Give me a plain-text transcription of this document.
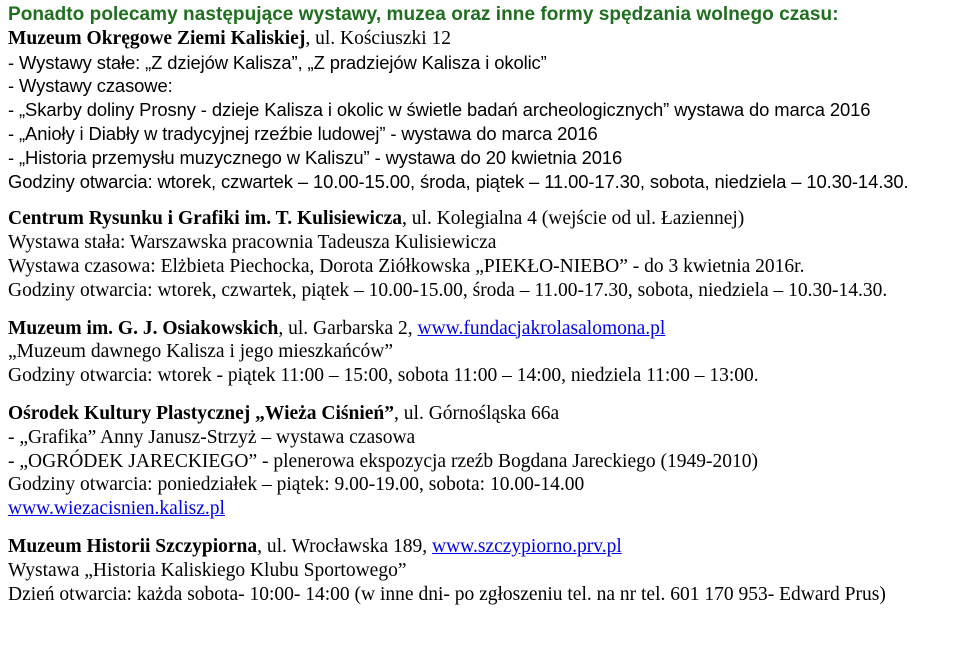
Ponadto polecamy następujące wystawy, muzea oraz inne formy spędzania wolnego czasu:
Muzeum Okręgowe Ziemi Kaliskiej, ul. Kościuszki 12
- Wystawy stałe: „Z dziejów Kalisza”, „Z pradziejów Kalisza i okolic”
- Wystawy czasowe:
- „Skarby doliny Prosny - dzieje Kalisza i okolic w świetle badań archeologicznych” wystawa do marca 2016
- „Anioły i Diabły w tradycyjnej rzeźbie ludowej” - wystawa do marca 2016
- „Historia przemysłu muzycznego w Kaliszu” - wystawa do 20 kwietnia 2016
Godziny otwarcia: wtorek, czwartek – 10.00-15.00, środa, piątek – 11.00-17.30, sobota, niedziela – 10.30-14.30.
Centrum Rysunku i Grafiki im. T. Kulisiewicza, ul. Kolegialna 4 (wejście od ul. Łaziennej)
Wystawa stała: Warszawska pracownia Tadeusza Kulisiewicza
Wystawa czasowa: Elżbieta Piechocka, Dorota Ziółkowska „PIEKŁO-NIEBO” - do 3 kwietnia 2016r.
Godziny otwarcia: wtorek, czwartek, piątek – 10.00-15.00, środa – 11.00-17.30, sobota, niedziela – 10.30-14.30.
Muzeum im. G. J. Osiakowskich, ul. Garbarska 2, www.fundacjakrolasalomona.pl
„Muzeum dawnego Kalisza i jego mieszkańców”
Godziny otwarcia: wtorek - piątek 11:00 – 15:00, sobota 11:00 – 14:00, niedziela 11:00 – 13:00.
Ośrodek Kultury Plastycznej „Wieża Ciśnień”, ul. Górnośląska 66a
- „Grafika” Anny Janusz-Strzyż – wystawa czasowa
- „OGRÓDEK JARECKIEGO” - plenerowa ekspozycja rzeźb Bogdana Jareckiego (1949-2010)
Godziny otwarcia: poniedziałek – piątek: 9.00-19.00, sobota: 10.00-14.00
www.wiezacisnien.kalisz.pl
Muzeum Historii Szczypiorna, ul. Wrocławska 189, www.szczypiorno.prv.pl
Wystawa „Historia Kaliskiego Klubu Sportowego”
Dzień otwarcia: każda sobota- 10:00- 14:00 (w inne dni- po zgłoszeniu tel. na nr tel. 601 170 953- Edward Prus)
